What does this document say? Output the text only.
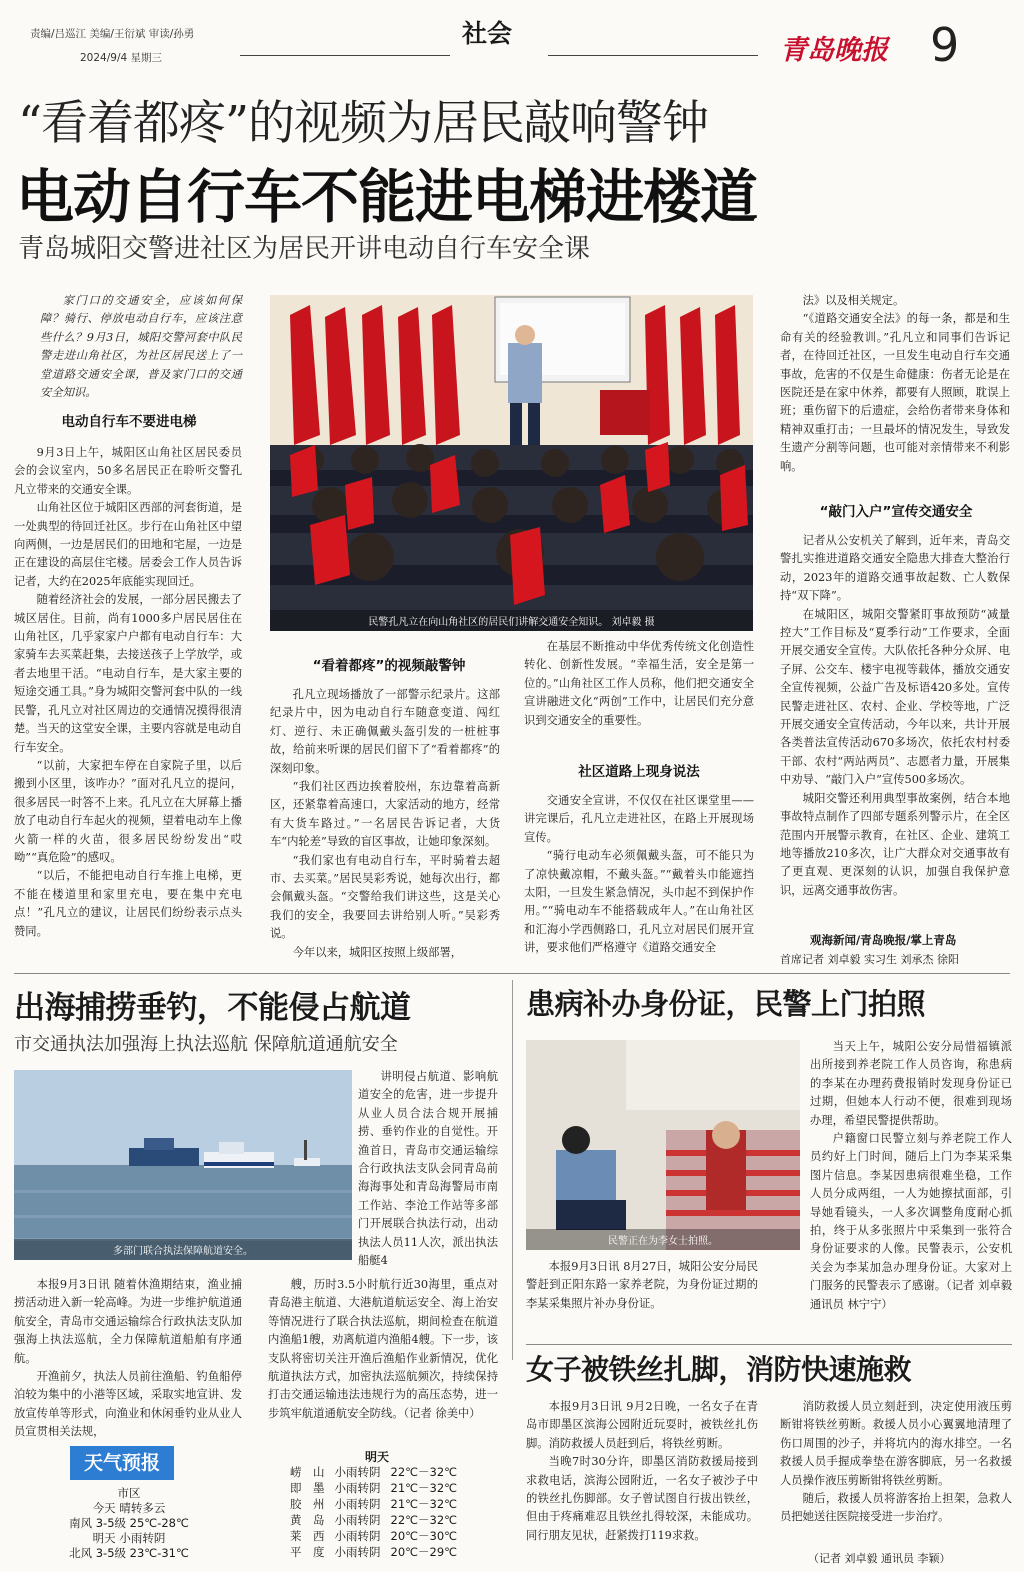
责编/吕巡江 美编/王衍斌 审读/孙勇
2024/9/4 星期三
社会
青岛晚报 9
“看着都疼”的视频为居民敲响警钟
电动自行车不能进电梯进楼道
青岛城阳交警进社区为居民开讲电动自行车安全课

家门口的交通安全，应该如何保障？骑行、停放电动自行车，应该注意些什么？9月3日，城阳交警河套中队民警走进山角社区，为社区居民送上了一堂道路交通安全课，普及家门口的交通安全知识。

电动自行车不要进电梯

9月3日上午，城阳区山角社区居民委员会的会议室内，50多名居民正在聆听交警孔凡立带来的交通安全课。

山角社区位于城阳区西部的河套街道，是一处典型的待回迁社区。步行在山角社区中望向两侧，一边是居民们的田地和宅屋，一边是正在建设的高层住宅楼。居委会工作人员告诉记者，大约在2025年底能实现回迁。

随着经济社会的发展，一部分居民搬去了城区居住。目前，尚有1000多户居民居住在山角社区，几乎家家户户都有电动自行车：大家骑车去买菜赶集，去接送孩子上学放学，或者去地里干活。“电动自行车，是大家主要的短途交通工具。”身为城阳交警河套中队的一线民警，孔凡立对社区周边的交通情况摸得很清楚。当天的这堂安全课，主要内容就是电动自行车安全。

“以前，大家把车停在自家院子里，以后搬到小区里，该咋办？”面对孔凡立的提问，很多居民一时答不上来。孔凡立在大屏幕上播放了电动自行车起火的视频，望着电动车上像火箭一样的火苗，很多居民纷纷发出“哎呦”“真危险”的感叹。

“以后，不能把电动自行车推上电梯，更不能在楼道里和家里充电，要在集中充电点！”孔凡立的建议，让居民们纷纷表示点头赞同。

民警孔凡立在向山角社区的居民们讲解交通安全知识。 刘卓毅 摄
“看着都疼”的视频敲警钟

孔凡立现场播放了一部警示纪录片。这部纪录片中，因为电动自行车随意变道、闯红灯、逆行、未正确佩戴头盔引发的一桩桩事故，给前来听课的居民们留下了“看着都疼”的深刻印象。

“我们社区西边挨着胶州，东边靠着高新区，还紧靠着高速口，大家活动的地方，经常有大货车路过。”一名居民告诉记者，大货车“内轮差”导致的盲区事故，让她印象深刻。

“我们家也有电动自行车，平时骑着去超市、去买菜。”居民吴彩秀说，她每次出行，都会佩戴头盔。“交警给我们讲这些，这是关心我们的安全，我要回去讲给别人听。”吴彩秀说。

今年以来，城阳区按照上级部署，

在基层不断推动中华优秀传统文化创造性转化、创新性发展。“幸福生活，安全是第一位的。”山角社区工作人员称，他们把交通安全宣讲融进文化“两创”工作中，让居民们充分意识到交通安全的重要性。

社区道路上现身说法

交通安全宣讲，不仅仅在社区课堂里——讲完课后，孔凡立走进社区，在路上开展现场宣传。

“骑行电动车必须佩戴头盔，可不能只为了凉快戴凉帽，不戴头盔。”“戴着头巾能遮挡太阳，一旦发生紧急情况，头巾起不到保护作用。”“骑电动车不能搭载成年人。”在山角社区和汇海小学西侧路口，孔凡立对居民们展开宣讲，要求他们严格遵守《道路交通安全

法》以及相关规定。

“《道路交通安全法》的每一条，都是和生命有关的经验教训。”孔凡立和同事们告诉记者，在待回迁社区，一旦发生电动自行车交通事故，危害的不仅是生命健康：伤者无论是在医院还是在家中休养，都要有人照顾，耽误上班；重伤留下的后遗症，会给伤者带来身体和精神双重打击；一旦最坏的情况发生，导致发生遗产分割等问题，也可能对亲情带来不利影响。

“敲门入户”宣传交通安全

记者从公安机关了解到，近年来，青岛交警扎实推进道路交通安全隐患大排查大整治行动，2023年的道路交通事故起数、亡人数保持“双下降”。

在城阳区，城阳交警紧盯事故预防“减量控大”工作目标及“夏季行动”工作要求，全面开展交通安全宣传。大队依托各种分众屏、电子屏、公交车、楼宇电视等载体，播放交通安全宣传视频，公益广告及标语420多处。宣传民警走进社区、农村、企业、学校等地，广泛开展交通安全宣传活动，今年以来，共计开展各类普法宣传活动670多场次，依托农村村委干部、农村“两站两员”、志愿者力量，开展集中劝导、“敲门入户”宣传500多场次。

城阳交警还利用典型事故案例，结合本地事故特点制作了四部专题系列警示片，在全区范围内开展警示教育，在社区、企业、建筑工地等播放210多次，让广大群众对交通事故有了更直观、更深刻的认识，加强自我保护意识，远离交通事故伤害。

观海新闻/青岛晚报/掌上青岛
首席记者 刘卓毅 实习生 刘承杰 徐阳
出海捕捞垂钓，不能侵占航道
市交通执法加强海上执法巡航 保障航道通航安全
多部门联合执法保障航道安全。

讲明侵占航道、影响航道安全的危害，进一步提升从业人员合法合规开展捕捞、垂钓作业的自觉性。开渔首日，青岛市交通运输综合行政执法支队会同青岛前海海事处和青岛海警局市南工作站、李沧工作站等多部门开展联合执法行动，出动执法人员11人次，派出执法船艇4

本报9月3日讯 随着休渔期结束，渔业捕捞活动进入新一轮高峰。为进一步维护航道通航安全，青岛市交通运输综合行政执法支队加强海上执法巡航，全力保障航道船舶有序通航。

开渔前夕，执法人员前往渔船、钓鱼船停泊较为集中的小港等区域，采取实地宣讲、发放宣传单等形式，向渔业和休闲垂钓业从业人员宣贯相关法规，

艘，历时3.5小时航行近30海里，重点对青岛港主航道、大港航道航运安全、海上治安等情况进行了联合执法巡航，期间检查在航道内渔船1艘，劝离航道内渔船4艘。下一步，该支队将密切关注开渔后渔船作业新情况，优化航道执法方式，加密执法巡航频次，持续保持打击交通运输违法违规行为的高压态势，进一步筑牢航道通航安全防线。（记者 徐美中）

天气预报
市区
今天 晴转多云
南风 3-5级 25℃-28℃
明天 小雨转阴
北风 3-5级 23℃-31℃
明天
崂　山 小雨转阴 22℃－32℃
即　墨 小雨转阴 21℃－32℃
胶　州 小雨转阴 21℃－32℃
黄　岛 小雨转阴 22℃－32℃
莱　西 小雨转阴 20℃－30℃
平　度 小雨转阴 20℃－29℃
患病补办身份证，民警上门拍照
民警正在为李女士拍照。

当天上午，城阳公安分局惜福镇派出所接到养老院工作人员咨询，称患病的李某在办理药费报销时发现身份证已过期，但她本人行动不便，很难到现场办理，希望民警提供帮助。

户籍窗口民警立刻与养老院工作人员约好上门时间，随后上门为李某采集图片信息。李某因患病很难坐稳，工作人员分成两组，一人为她擦拭面部，引导她看镜头，一人多次调整角度耐心抓拍，终于从多张照片中采集到一张符合身份证要求的人像。民警表示，公安机关会为李某加急办理身份证。大家对上门服务的民警表示了感谢。（记者 刘卓毅 通讯员 林宁宁）

本报9月3日讯 8月27日，城阳公安分局民警赶到正阳东路一家养老院，为身份证过期的李某采集照片补办身份证。

女子被铁丝扎脚，消防快速施救

本报9月3日讯 9月2日晚，一名女子在青岛市即墨区滨海公园附近玩耍时，被铁丝扎伤脚。消防救援人员赶到后，将铁丝剪断。

当晚7时30分许，即墨区消防救援局接到求救电话，滨海公园附近，一名女子被沙子中的铁丝扎伤脚部。女子曾试图自行拔出铁丝，但由于疼痛难忍且铁丝扎得较深，未能成功。同行朋友见状，赶紧拨打119求救。

消防救援人员立刻赶到，决定使用液压剪断钳将铁丝剪断。救援人员小心翼翼地清理了伤口周围的沙子，并将坑内的海水排空。一名救援人员手握成拳垫在游客脚底，另一名救援人员操作液压剪断钳将铁丝剪断。

随后，救援人员将游客抬上担架，急救人员把她送往医院接受进一步治疗。

（记者 刘卓毅 通讯员 李颖）
